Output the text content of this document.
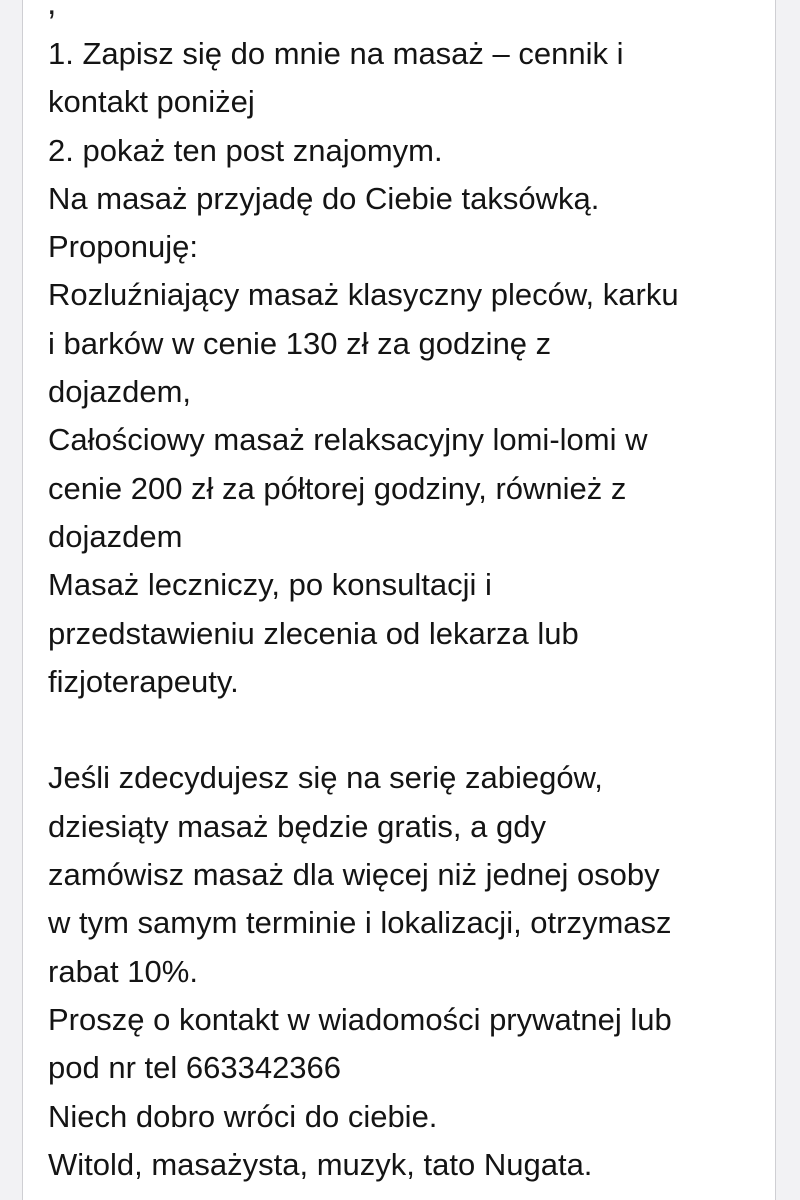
,
1. Zapisz się do mnie na masaż – cennik i
kontakt poniżej
2. pokaż ten post znajomym.
Na masaż przyjadę do Ciebie taksówką.
Proponuję:
Rozluźniający masaż klasyczny pleców, karku
i barków w cenie 130 zł za godzinę z
dojazdem,
Całościowy masaż relaksacyjny lomi-lomi w
cenie 200 zł za półtorej godziny, również z
dojazdem
Masaż leczniczy, po konsultacji i
przedstawieniu zlecenia od lekarza lub
fizjoterapeuty.
Jeśli zdecydujesz się na serię zabiegów,
dziesiąty masaż będzie gratis, a gdy
zamówisz masaż dla więcej niż jednej osoby
w tym samym terminie i lokalizacji, otrzymasz
rabat 10%.
Proszę o kontakt w wiadomości prywatnej lub
pod nr tel 663342366
Niech dobro wróci do ciebie.
Witold, masażysta, muzyk, tato Nugata.
